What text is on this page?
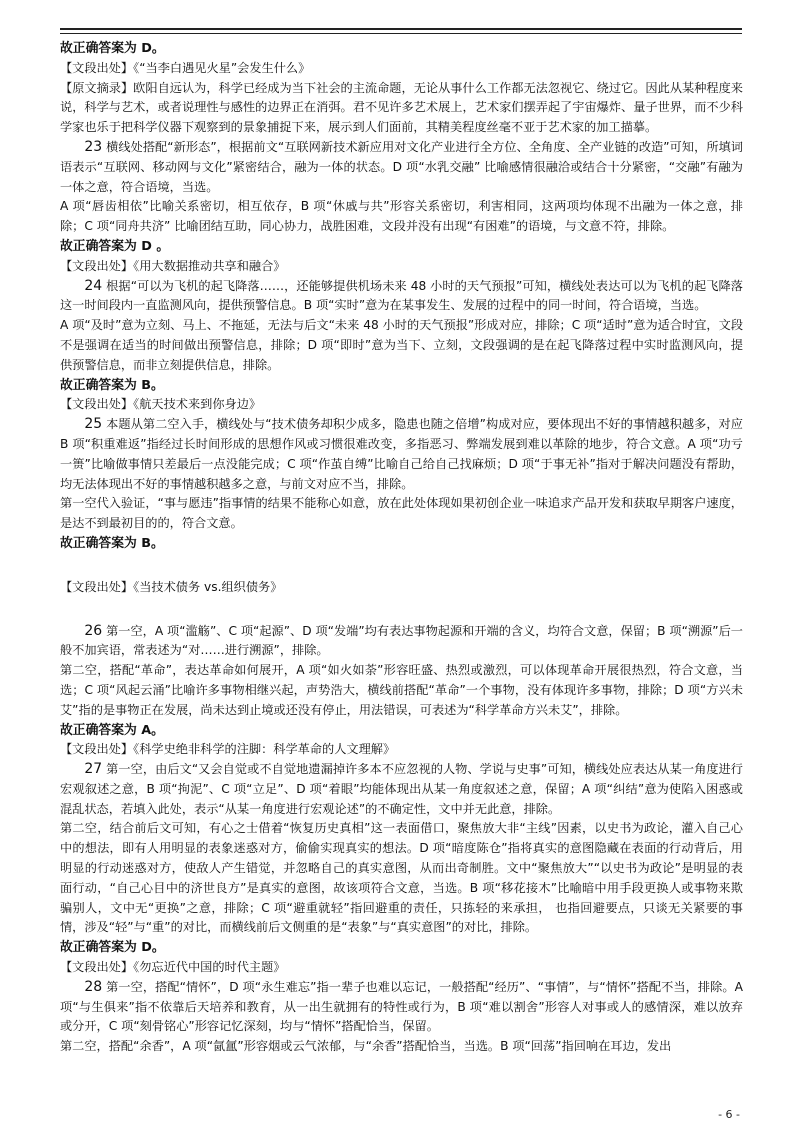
故正确答案为 D。

【文段出处】《“当李白遇见火星”会发生什么》

【原文摘录】欧阳自远认为，科学已经成为当下社会的主流命题，无论从事什么工作都无法忽视它、绕过它。因此从某种程度来说，科学与艺术，或者说理性与感性的边界正在消弭。君不见许多艺术展上，艺术家们摆弄起了宇宙爆炸、量子世界，而不少科学家也乐于把科学仪器下观察到的景象捕捉下来，展示到人们面前，其精美程度丝毫不亚于艺术家的加工描摹。

23 横线处搭配“新形态”，根据前文“互联网新技术新应用对文化产业进行全方位、全角度、全产业链的改造”可知，所填词语表示“互联网、移动网与文化”紧密结合，融为一体的状态。D 项“水乳交融” 比喻感情很融洽或结合十分紧密，“交融”有融为一体之意，符合语境，当选。

A 项“唇齿相依”比喻关系密切，相互依存，B 项“休戚与共”形容关系密切，利害相同，这两项均体现不出融为一体之意，排除；C 项“同舟共济” 比喻团结互助，同心协力，战胜困难，文段并没有出现“有困难”的语境，与文意不符，排除。

故正确答案为 D 。

【文段出处】《用大数据推动共享和融合》

24 根据“可以为飞机的起飞降落……，还能够提供机场未来 48 小时的天气预报”可知，横线处表达可以为飞机的起飞降落这一时间段内一直监测风向，提供预警信息。B 项“实时”意为在某事发生、发展的过程中的同一时间，符合语境，当选。

A 项“及时”意为立刻、马上、不拖延，无法与后文“未来 48 小时的天气预报”形成对应，排除；C 项“适时”意为适合时宜，文段不是强调在适当的时间做出预警信息，排除；D 项“即时”意为当下、立刻，文段强调的是在起飞降落过程中实时监测风向，提供预警信息，而非立刻提供信息，排除。

故正确答案为 B。

【文段出处】《航天技术来到你身边》

25 本题从第二空入手，横线处与“技术债务却积少成多，隐患也随之倍增”构成对应，要体现出不好的事情越积越多，对应 B 项“积重难返”指经过长时间形成的思想作风或习惯很难改变，多指恶习、弊端发展到难以革除的地步，符合文意。A 项“功亏一篑”比喻做事情只差最后一点没能完成；C 项“作茧自缚”比喻自己给自己找麻烦；D 项“于事无补”指对于解决问题没有帮助，均无法体现出不好的事情越积越多之意，与前文对应不当，排除。

第一空代入验证，“事与愿违”指事情的结果不能称心如意，放在此处体现如果初创企业一味追求产品开发和获取早期客户速度，是达不到最初目的的，符合文意。

故正确答案为 B。

【文段出处】《当技术债务 vs.组织债务》

26 第一空，A 项“滥觞”、C 项“起源”、D 项“发端”均有表达事物起源和开端的含义，均符合文意，保留；B 项“溯源”后一般不加宾语，常表述为“对……进行溯源”，排除。

第二空，搭配“革命”，表达革命如何展开，A 项“如火如荼”形容旺盛、热烈或激烈，可以体现革命开展很热烈，符合文意，当选；C 项“风起云涌”比喻许多事物相继兴起，声势浩大，横线前搭配“革命”一个事物，没有体现许多事物，排除；D 项“方兴未艾”指的是事物正在发展，尚未达到止境或还没有停止，用法错误，可表述为“科学革命方兴未艾”，排除。

故正确答案为 A。

【文段出处】《科学史绝非科学的注脚：科学革命的人文理解》

27 第一空，由后文“又会自觉或不自觉地遗漏掉许多本不应忽视的人物、学说与史事”可知，横线处应表达从某一角度进行宏观叙述之意，B 项“拘泥”、C 项“立足”、D 项“着眼”均能体现出从某一角度叙述之意，保留；A 项“纠结”意为使陷入困惑或混乱状态，若填入此处，表示“从某一角度进行宏观论述”的不确定性，文中并无此意，排除。

第二空，结合前后文可知，有心之士借着“恢复历史真相”这一表面借口，聚焦放大非“主线”因素，以史书为政论，灌入自己心中的想法，即有人用明显的表象迷惑对方，偷偷实现真实的想法。D 项“暗度陈仓”指将真实的意图隐藏在表面的行动背后，用明显的行动迷惑对方，使敌人产生错觉，并忽略自己的真实意图，从而出奇制胜。文中“聚焦放大”“以史书为政论”是明显的表面行动，“自己心目中的济世良方”是真实的意图，故该项符合文意，当选。B 项“移花接木”比喻暗中用手段更换人或事物来欺骗别人，文中无“更换”之意，排除；C 项“避重就轻”指回避重的责任，只拣轻的来承担， 也指回避要点，只谈无关紧要的事情，涉及“轻”与“重”的对比，而横线前后文侧重的是“表象”与“真实意图”的对比，排除。

故正确答案为 D。

【文段出处】《勿忘近代中国的时代主题》

28 第一空，搭配“情怀”，D 项“永生难忘”指一辈子也难以忘记，一般搭配“经历”、“事情”，与“情怀”搭配不当，排除。A 项“与生俱来”指不依靠后天培养和教育，从一出生就拥有的特性或行为，B 项“难以割舍”形容人对事或人的感情深，难以放弃或分开，C 项“刻骨铭心”形容记忆深刻，均与“情怀”搭配恰当，保留。

第二空，搭配“余香”，A 项“氤氲”形容烟或云气浓郁，与“余香”搭配恰当，当选。B 项“回荡”指回响在耳边，发出

- 6 -
